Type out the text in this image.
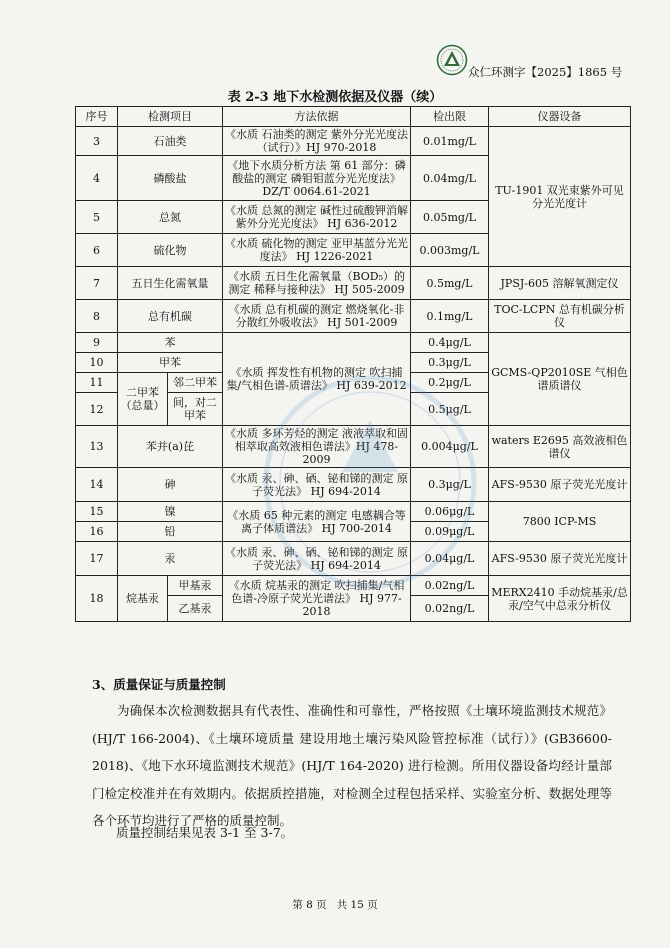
众仁环测字【2025】1865 号
表 2-3 地下水检测依据及仪器（续）
序号	检测项目		方法依据	检出限	仪器设备
3	石油类		《水质 石油类的测定 紫外分光光度法（试行）》HJ 970-2018	0.01mg/L	TU-1901 双光束紫外可见分光光度计
4	磷酸盐		《地下水质分析方法 第 61 部分：磷酸盐的测定 磷钼钼蓝分光光度法》DZ/T 0064.61-2021	0.04mg/L	
5	总氮		《水质 总氮的测定 碱性过硫酸钾消解紫外分光光度法》 HJ 636-2012	0.05mg/L	
6	硫化物		《水质 硫化物的测定 亚甲基蓝分光光度法》 HJ 1226-2021	0.003mg/L	
7	五日生化需氧量		《水质 五日生化需氧量（BOD₅）的测定 稀释与接种法》 HJ 505-2009	0.5mg/L	JPSJ-605 溶解氧测定仪
8	总有机碳		《水质 总有机碳的测定 燃烧氧化-非分散红外吸收法》 HJ 501-2009	0.1mg/L	TOC-LCPN 总有机碳分析仪
9	苯		《水质 挥发性有机物的测定 吹扫捕集/气相色谱-质谱法》 HJ 639-2012	0.4μg/L	GCMS-QP2010SE 气相色谱质谱仪
10	甲苯			0.3μg/L	
11	二甲苯（总量）	邻二甲苯		0.2μg/L	
12		间，对二甲苯		0.5μg/L	
13	苯并(a)芘		《水质 多环芳烃的测定 液液萃取和固相萃取高效液相色谱法》HJ 478-2009	0.004μg/L	waters E2695 高效液相色谱仪
14	砷		《水质 汞、砷、硒、铋和锑的测定 原子荧光法》 HJ 694-2014	0.3μg/L	AFS-9530 原子荧光光度计
15	镍		《水质 65 种元素的测定 电感耦合等离子体质谱法》 HJ 700-2014	0.06μg/L	7800 ICP-MS
16	铅			0.09μg/L	
17	汞		《水质 汞、砷、硒、铋和锑的测定 原子荧光法》 HJ 694-2014	0.04μg/L	AFS-9530 原子荧光光度计
18	烷基汞	甲基汞	《水质 烷基汞的测定 吹扫捕集/气相色谱-冷原子荧光光谱法》 HJ 977-2018	0.02ng/L	MERX2410 手动烷基汞/总汞/空气中总汞分析仪
		乙基汞		0.02ng/L	
3、质量保证与质量控制
为确保本次检测数据具有代表性、准确性和可靠性，严格按照《土壤环境监测技术规范》(HJ/T 166-2004)、《土壤环境质量 建设用地土壤污染风险管控标准（试行）》(GB36600-2018)、《地下水环境监测技术规范》(HJ/T 164-2020) 进行检测。所用仪器设备均经计量部门检定校准并在有效期内。依据质控措施，对检测全过程包括采样、实验室分析、数据处理等各个环节均进行了严格的质量控制。
质量控制结果见表 3-1 至 3-7。
第 8 页 共 15 页
